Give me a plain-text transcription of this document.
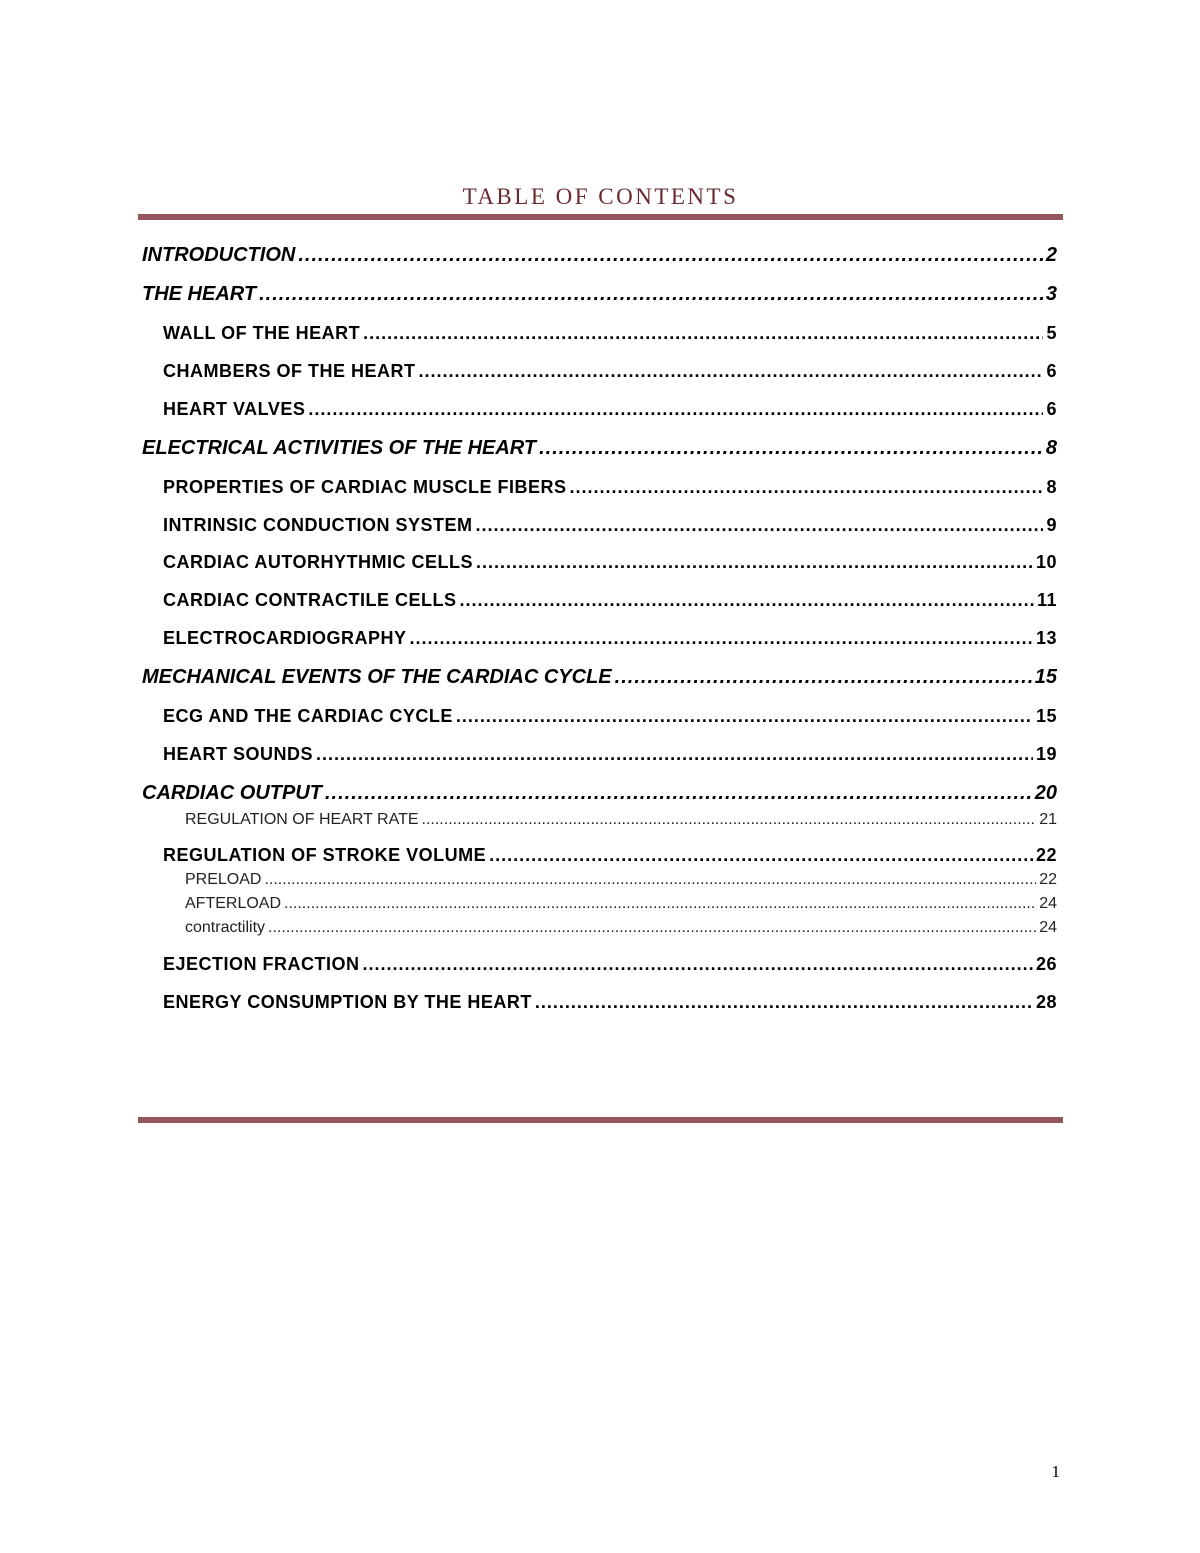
TABLE OF CONTENTS
INTRODUCTION .....	2
THE HEART .....	3
WALL OF THE HEART .....	5
CHAMBERS OF THE HEART .....	6
HEART VALVES .....	6
ELECTRICAL ACTIVITIES OF THE HEART .....	8
PROPERTIES OF CARDIAC MUSCLE FIBERS .....	8
INTRINSIC CONDUCTION SYSTEM .....	9
CARDIAC AUTORHYTHMIC CELLS .....	10
CARDIAC CONTRACTILE CELLS .....	11
ELECTROCARDIOGRAPHY .....	13
MECHANICAL EVENTS OF THE CARDIAC CYCLE .....	15
ECG AND THE CARDIAC CYCLE .....	15
HEART SOUNDS .....	19
CARDIAC OUTPUT .....	20
REGULATION OF HEART RATE .....	21
REGULATION OF STROKE VOLUME .....	22
PRELOAD .....	22
AFTERLOAD .....	24
contractility .....	24
EJECTION FRACTION .....	26
ENERGY CONSUMPTION BY THE HEART .....	28
1
